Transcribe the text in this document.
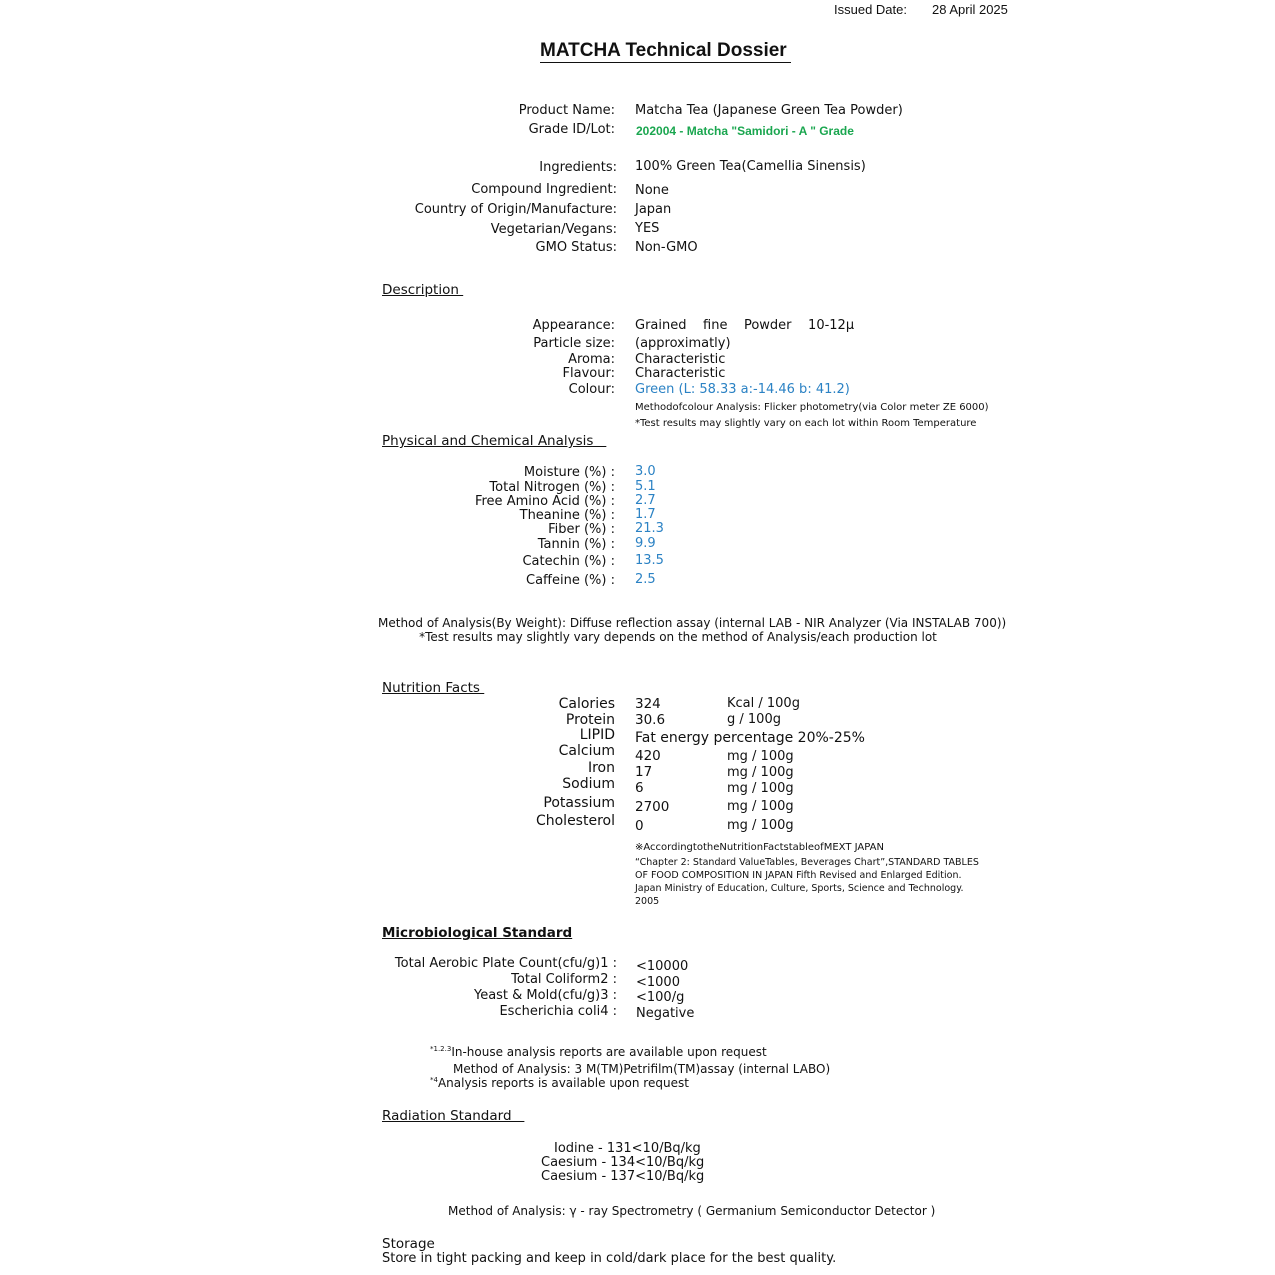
Issued Date: 28 April 2025
MATCHA Technical Dossier
Product Name: Matcha Tea (Japanese Green Tea Powder)
Grade ID/Lot: 202004 - Matcha "Samidori - A " Grade
Ingredients: 100% Green Tea(Camellia Sinensis)
Compound Ingredient: None
Country of Origin/Manufacture: Japan
Vegetarian/Vegans: YES
GMO Status: Non-GMO
Description
Appearance: Grained    fine    Powder    10-12μ
Particle size: (approximatly)
Aroma: Characteristic
Flavour: Characteristic
Colour: Green (L: 58.33 a:-14.46 b: 41.2)
Methodofcolour Analysis: Flicker photometry(via Color meter ZE 6000)
*Test results may slightly vary on each lot within Room Temperature
Physical and Chemical Analysis
Moisture (%) : 3.0
Total Nitrogen (%) : 5.1
Free Amino Acid (%) : 2.7
Theanine (%) : 1.7
Fiber (%) : 21.3
Tannin (%) : 9.9
Catechin (%) : 13.5
Caffeine (%) : 2.5
Method of Analysis(By Weight): Diffuse reflection assay (internal LAB - NIR Analyzer (Via INSTALAB 700))
*Test results may slightly vary depends on the method of Analysis/each production lot
Nutrition Facts
Calories 324	Kcal / 100g
Protein 30.6	g / 100g
LIPID Fat energy percentage 20%-25%
Calcium 420	mg / 100g
Iron 17	mg / 100g
Sodium 6	mg / 100g
Potassium 2700	mg / 100g
Cholesterol 0	mg / 100g
※AccordingtotheNutritionFactstableofMEXT JAPAN
“Chapter 2: Standard ValueTables, Beverages Chart”,STANDARD TABLES OF FOOD COMPOSITION IN JAPAN Fifth Revised and Enlarged Edition. Japan Ministry of Education, Culture, Sports, Science and Technology. 2005
Microbiological Standard
Total Aerobic Plate Count(cfu/g)1 : <10000
Total Coliform2 : <1000
Yeast & Mold(cfu/g)3 : <100/g
Escherichia coli4 : Negative
$^{*1.2.3}$In-house analysis reports are available upon request
Method of Analysis: 3 M(TM)Petrifilm(TM)assay (internal LABO)
$^{*4}$Analysis reports is available upon request
Radiation Standard
Iodine - 131<10/Bq/kg
Caesium - 134<10/Bq/kg
Caesium - 137<10/Bq/kg
Method of Analysis: γ - ray Spectrometry ( Germanium Semiconductor Detector )
Storage
Store in tight packing and keep in cold/dark place for the best quality.
